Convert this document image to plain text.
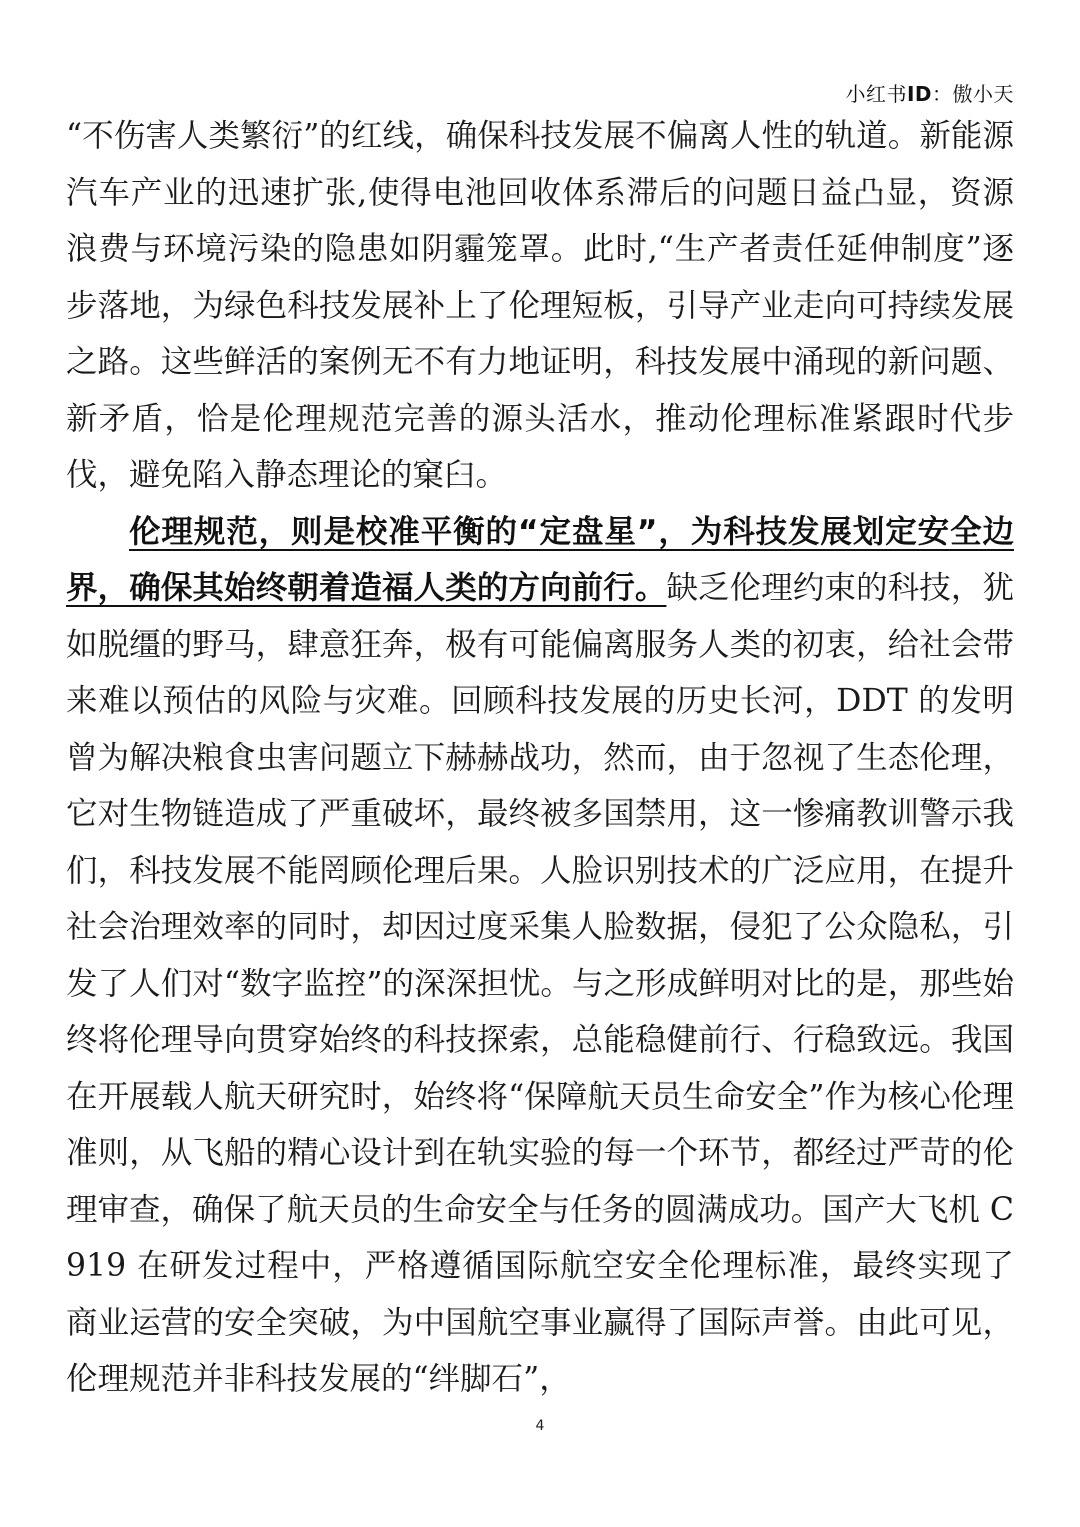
小红书ID：傲小天

“不伤害人类繁衍”的红线，确保科技发展不偏离人性的轨道。新能源汽车产业的迅速扩张,使得电池回收体系滞后的问题日益凸显，资源浪费与环境污染的隐患如阴霾笼罩。此时,“生产者责任延伸制度”逐步落地，为绿色科技发展补上了伦理短板，引导产业走向可持续发展之路。这些鲜活的案例无不有力地证明，科技发展中涌现的新问题、新矛盾，恰是伦理规范完善的源头活水，推动伦理标准紧跟时代步伐，避免陷入静态理论的窠臼。

伦理规范，则是校准平衡的“定盘星”，为科技发展划定安全边界，确保其始终朝着造福人类的方向前行。缺乏伦理约束的科技，犹如脱缰的野马，肆意狂奔，极有可能偏离服务人类的初衷，给社会带来难以预估的风险与灾难。回顾科技发展的历史长河，DDT 的发明曾为解决粮食虫害问题立下赫赫战功，然而，由于忽视了生态伦理，它对生物链造成了严重破坏，最终被多国禁用，这一惨痛教训警示我们，科技发展不能罔顾伦理后果。人脸识别技术的广泛应用，在提升社会治理效率的同时，却因过度采集人脸数据，侵犯了公众隐私，引发了人们对“数字监控”的深深担忧。与之形成鲜明对比的是，那些始终将伦理导向贯穿始终的科技探索，总能稳健前行、行稳致远。我国在开展载人航天研究时，始终将“保障航天员生命安全”作为核心伦理准则，从飞船的精心设计到在轨实验的每一个环节，都经过严苛的伦理审查，确保了航天员的生命安全与任务的圆满成功。国产大飞机 C919 在研发过程中，严格遵循国际航空安全伦理标准，最终实现了商业运营的安全突破，为中国航空事业赢得了国际声誉。由此可见，伦理规范并非科技发展的“绊脚石”，

4
